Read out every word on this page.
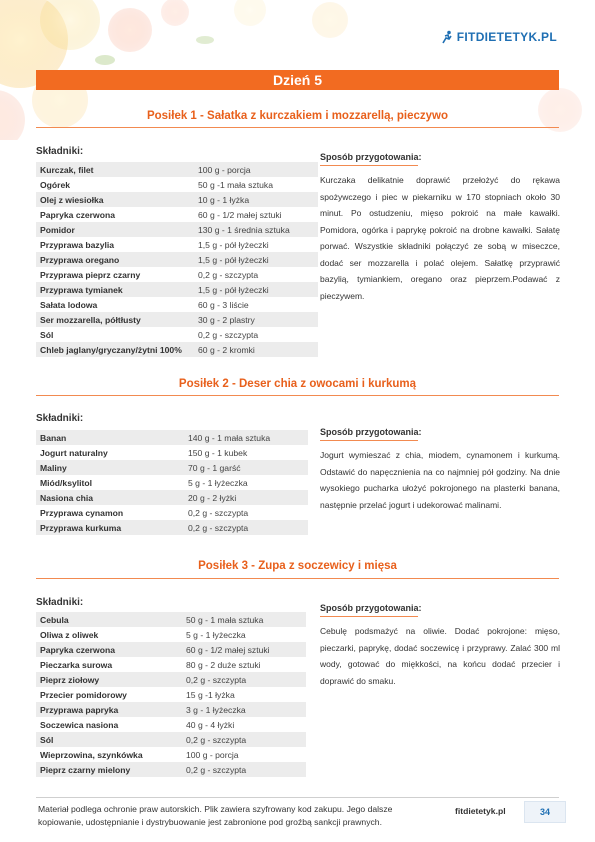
FIT DIETETYK.PL
Dzień 5
Posiłek 1 - Sałatka z kurczakiem i mozzarellą, pieczywo
Składniki:
Kurczak, filet	100 g - porcja
Ogórek	50 g -1 mała sztuka
Olej z wiesiołka	10 g - 1 łyżka
Papryka czerwona	60 g - 1/2 małej sztuki
Pomidor	130 g - 1 średnia sztuka
Przyprawa bazylia	1,5 g - pół łyżeczki
Przyprawa oregano	1,5 g - pół łyżeczki
Przyprawa pieprz czarny	0,2 g - szczypta
Przyprawa tymianek	1,5 g - pół łyżeczki
Sałata lodowa	60 g - 3 liście
Ser mozzarella, półtłusty	30 g - 2 plastry
Sól	0,2 g - szczypta
Chleb jaglany/gryczany/żytni 100%	60 g - 2 kromki
Sposób przygotowania:
Kurczaka delikatnie doprawić przełożyć do rękawa spożywczego i piec w piekarniku w 170 stopniach około 30 minut. Po ostudzeniu, mięso pokroić na małe kawałki. Pomidora, ogórka i paprykę pokroić na drobne kawałki. Sałatę porwać. Wszystkie składniki połączyć ze sobą w miseczce, dodać ser mozzarella i polać olejem. Sałatkę przyprawić bazylią, tymiankiem, oregano oraz pieprzem.Podawać z pieczywem.
Posiłek 2 - Deser chia z owocami i kurkumą
Składniki:
Banan	140 g - 1 mała sztuka
Jogurt naturalny	150 g - 1 kubek
Maliny	70 g - 1 garść
Miód/ksylitol	5 g - 1 łyżeczka
Nasiona chia	20 g - 2 łyżki
Przyprawa cynamon	0,2 g - szczypta
Przyprawa kurkuma	0,2 g - szczypta
Sposób przygotowania:
Jogurt wymieszać z chia, miodem, cynamonem i kurkumą. Odstawić do napęcznienia na co najmniej pół godziny. Na dnie wysokiego pucharka ułożyć pokrojonego na plasterki banana, następnie przelać jogurt i udekorować malinami.
Posiłek 3 - Zupa z soczewicy i mięsa
Składniki:
Cebula	50 g - 1 mała sztuka
Oliwa z oliwek	5 g - 1 łyżeczka
Papryka czerwona	60 g - 1/2 małej sztuki
Pieczarka surowa	80 g - 2 duże sztuki
Pieprz ziołowy	0,2 g - szczypta
Przecier pomidorowy	15 g -1 łyżka
Przyprawa papryka	3 g - 1 łyżeczka
Soczewica nasiona	40 g - 4 łyżki
Sól	0,2 g - szczypta
Wieprzowina, szynkówka	100 g - porcja
Pieprz czarny mielony	0,2 g - szczypta
Sposób przygotowania:
Cebulę podsmażyć na oliwie. Dodać pokrojone: mięso, pieczarki, paprykę, dodać soczewicę i przyprawy. Zalać 300 ml wody, gotować do miękkości, na końcu dodać przecier i doprawić do smaku.
Materiał podlega ochronie praw autorskich. Plik zawiera szyfrowany kod zakupu. Jego dalsze kopiowanie, udostępnianie i dystrybuowanie jest zabronione pod groźbą sankcji prawnych.
fitdietetyk.pl	34
